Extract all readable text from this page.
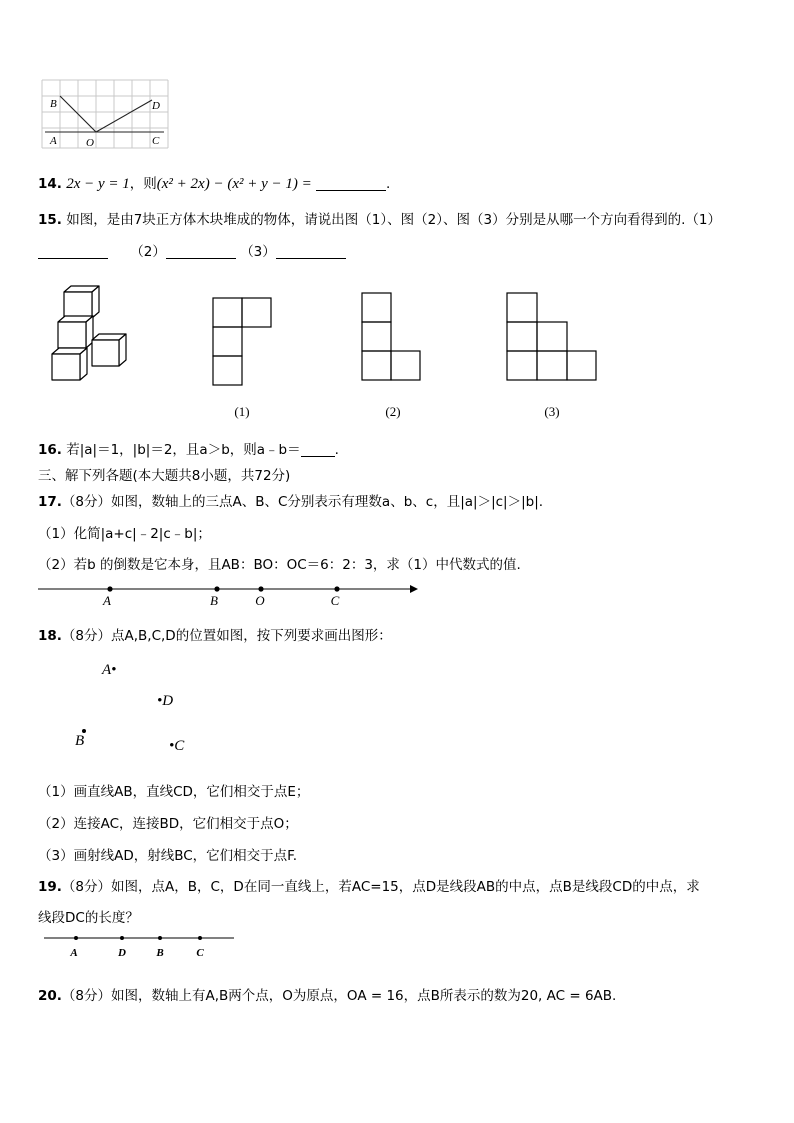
B	D
A	O	C
14. 2x − y = 1，则(x² + 2x) − (x² + y − 1) =	.
15. 如图，是由7块正方体木块堆成的物体，请说出图（1）、图（2）、图（3）分别是从哪一个方向看得到的.（1）
（2）	（3）
(1)	(2)	(3)
16. 若|a|＝1，|b|＝2，且a＞b，则a﹣b＝	.
三、解下列各题(本大题共8小题，共72分)
17.（8分）如图，数轴上的三点A、B、C分别表示有理数a、b、c，且|a|＞|c|＞|b|.
（1）化简|a+c|﹣2|c﹣b|；
（2）若b 的倒数是它本身，且AB：BO：OC＝6：2：3，求（1）中代数式的值.
A	B	O	C
18.（8分）点A,B,C,D的位置如图，按下列要求画出图形：
A•
•D
B	•C
（1）画直线AB，直线CD，它们相交于点E；
（2）连接AC，连接BD，它们相交于点O；
（3）画射线AD，射线BC，它们相交于点F.
19.（8分）如图，点A，B，C，D在同一直线上，若AC=15，点D是线段AB的中点，点B是线段CD的中点，求
线段DC的长度？
A	D	B	C
20.（8分）如图，数轴上有A,B两个点，O为原点，OA = 16，点B所表示的数为20, AC = 6AB.
